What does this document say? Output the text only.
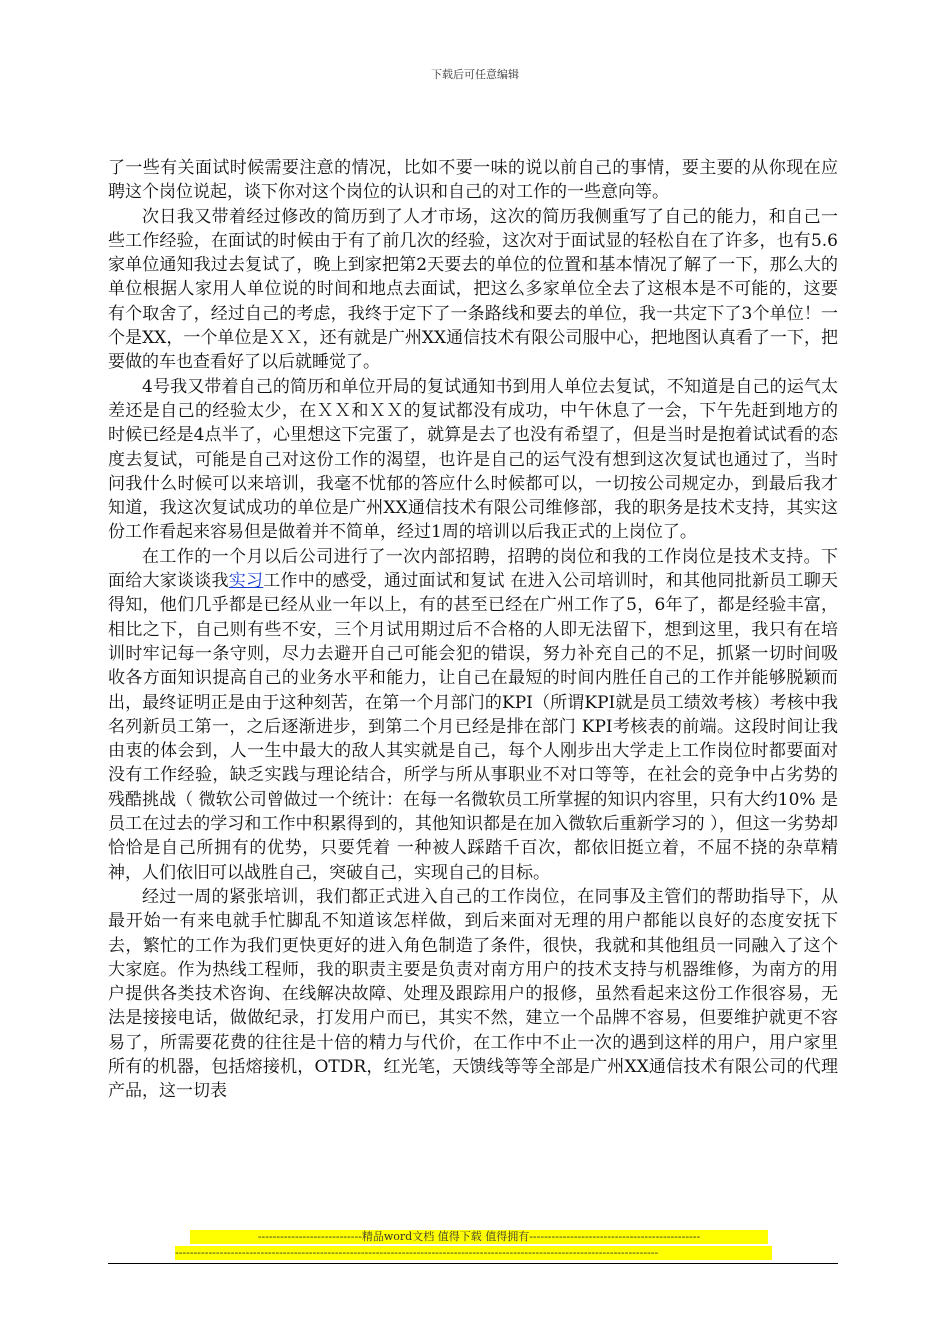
下载后可任意编辑

了一些有关面试时候需要注意的情况，比如不要一味的说以前自己的事情，要主要的从你现在应聘这个岗位说起，谈下你对这个岗位的认识和自己的对工作的一些意向等。

次日我又带着经过修改的简历到了人才市场，这次的简历我侧重写了自己的能力，和自己一些工作经验，在面试的时候由于有了前几次的经验，这次对于面试显的轻松自在了许多，也有5.6家单位通知我过去复试了，晚上到家把第2天要去的单位的位置和基本情况了解了一下，那么大的单位根据人家用人单位说的时间和地点去面试，把这么多家单位全去了这根本是不可能的，这要有个取舍了，经过自己的考虑，我终于定下了一条路线和要去的单位，我一共定下了3个单位！一个是XX，一个单位是ＸＸ，还有就是广州XX通信技术有限公司服中心，把地图认真看了一下，把要做的车也查看好了以后就睡觉了。

4号我又带着自己的简历和单位开局的复试通知书到用人单位去复试，不知道是自己的运气太差还是自己的经验太少，在ＸＸ和ＸＸ的复试都没有成功，中午休息了一会，下午先赶到地方的时候已经是4点半了，心里想这下完蛋了，就算是去了也没有希望了，但是当时是抱着试试看的态度去复试，可能是自己对这份工作的渴望，也许是自己的运气没有想到这次复试也通过了，当时问我什么时候可以来培训，我毫不忧郁的答应什么时候都可以，一切按公司规定办，到最后我才知道，我这次复试成功的单位是广州XX通信技术有限公司维修部，我的职务是技术支持，其实这份工作看起来容易但是做着并不简单，经过1周的培训以后我正式的上岗位了。

在工作的一个月以后公司进行了一次内部招聘，招聘的岗位和我的工作岗位是技术支持。下面给大家谈谈我实习工作中的感受，通过面试和复试 在进入公司培训时，和其他同批新员工聊天得知，他们几乎都是已经从业一年以上，有的甚至已经在广州工作了5，6年了，都是经验丰富，相比之下，自己则有些不安，三个月试用期过后不合格的人即无法留下，想到这里，我只有在培训时牢记每一条守则，尽力去避开自己可能会犯的错误，努力补充自己的不足，抓紧一切时间吸收各方面知识提高自己的业务水平和能力，让自己在最短的时间内胜任自己的工作并能够脱颖而出，最终证明正是由于这种刻苦，在第一个月部门的KPI（所谓KPI就是员工绩效考核）考核中我名列新员工第一，之后逐渐进步，到第二个月已经是排在部门 KPI考核表的前端。这段时间让我由衷的体会到，人一生中最大的敌人其实就是自己，每个人刚步出大学走上工作岗位时都要面对没有工作经验，缺乏实践与理论结合，所学与所从事职业不对口等等，在社会的竞争中占劣势的残酷挑战（ 微软公司曾做过一个统计：在每一名微软员工所掌握的知识内容里，只有大约10% 是员工在过去的学习和工作中积累得到的，其他知识都是在加入微软后重新学习的 ），但这一劣势却恰恰是自己所拥有的优势，只要凭着 一种被人踩踏千百次，都依旧挺立着，不屈不挠的杂草精神，人们依旧可以战胜自己，突破自己，实现自己的目标。

经过一周的紧张培训，我们都正式进入自己的工作岗位，在同事及主管们的帮助指导下，从最开始一有来电就手忙脚乱不知道该怎样做，到后来面对无理的用户都能以良好的态度安抚下去，繁忙的工作为我们更快更好的进入角色制造了条件，很快，我就和其他组员一同融入了这个大家庭。作为热线工程师，我的职责主要是负责对南方用户的技术支持与机器维修，为南方的用户提供各类技术咨询、在线解决故障、处理及跟踪用户的报修，虽然看起来这份工作很容易，无法是接接电话，做做纪录，打发用户而已，其实不然，建立一个品牌不容易，但要维护就更不容易了，所需要花费的往往是十倍的精力与代价，在工作中不止一次的遇到这样的用户，用户家里所有的机器，包括熔接机，OTDR，红光笔，天馈线等等全部是广州XX通信技术有限公司的代理产品，这一切表

----------------------------精品word文档 值得下载 值得拥有----------------------------------------------
----------------------------------------------------------------------------------------------------------------------------------
